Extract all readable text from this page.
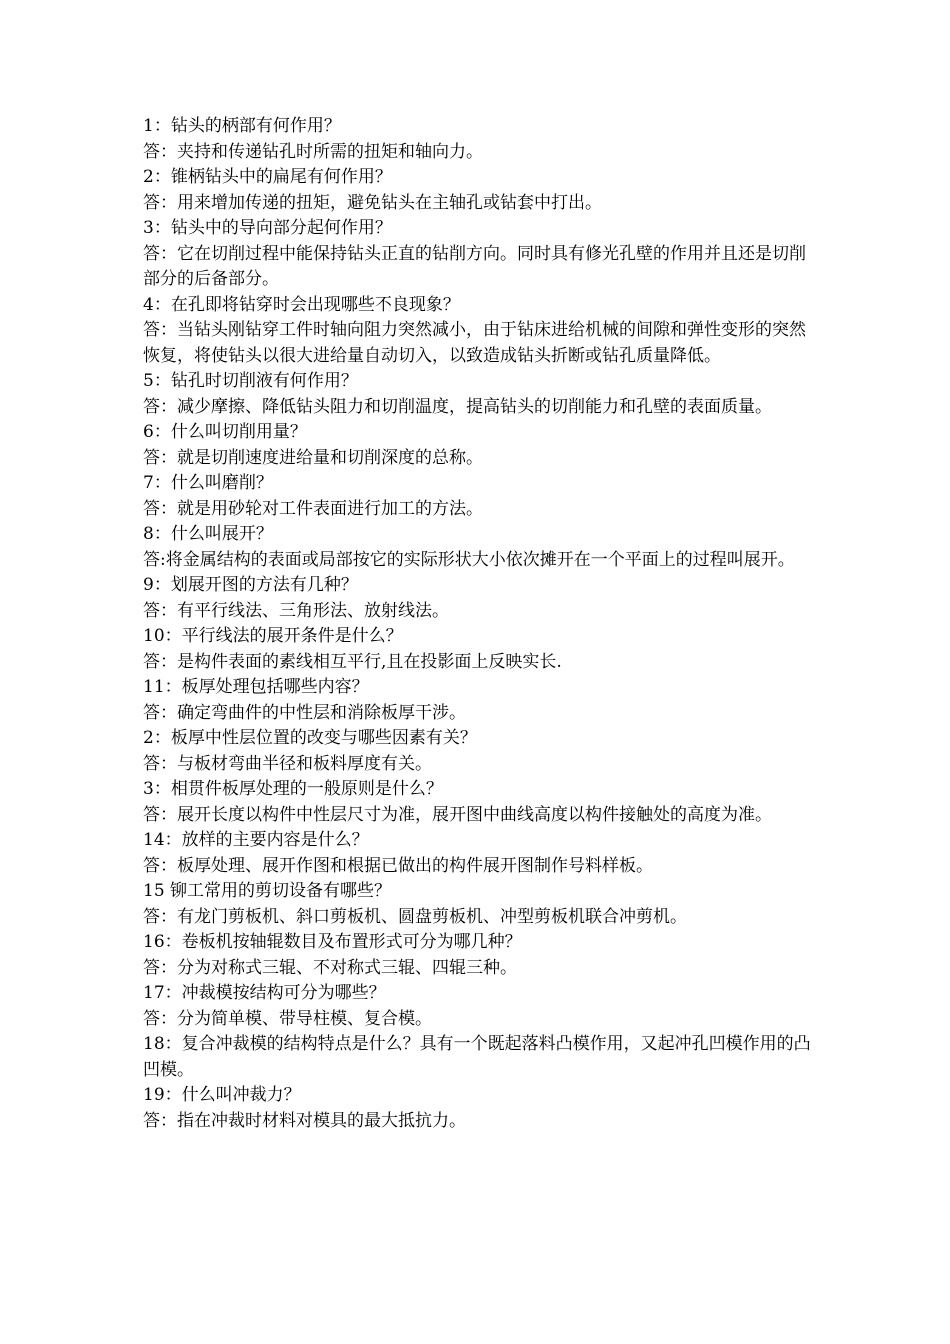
1：钻头的柄部有何作用？

答：夹持和传递钻孔时所需的扭矩和轴向力。

2：锥柄钻头中的扁尾有何作用？

答：用来增加传递的扭矩，避免钻头在主轴孔或钻套中打出。

3：钻头中的导向部分起何作用？

答：它在切削过程中能保持钻头正直的钻削方向。同时具有修光孔壁的作用并且还是切削部分的后备部分。

4：在孔即将钻穿时会出现哪些不良现象？

答：当钻头刚钻穿工件时轴向阻力突然减小，由于钻床进给机械的间隙和弹性变形的突然恢复，将使钻头以很大进给量自动切入，以致造成钻头折断或钻孔质量降低。

5：钻孔时切削液有何作用？

答：减少摩擦、降低钻头阻力和切削温度，提高钻头的切削能力和孔壁的表面质量。

6：什么叫切削用量？

答：就是切削速度进给量和切削深度的总称。

7：什么叫磨削？

答：就是用砂轮对工件表面进行加工的方法。

8：什么叫展开？

答:将金属结构的表面或局部按它的实际形状大小依次摊开在一个平面上的过程叫展开。

9：划展开图的方法有几种？

答：有平行线法、三角形法、放射线法。

10：平行线法的展开条件是什么？

答：是构件表面的素线相互平行,且在投影面上反映实长.

11：板厚处理包括哪些内容？

答：确定弯曲件的中性层和消除板厚干涉。

2：板厚中性层位置的改变与哪些因素有关？

答：与板材弯曲半径和板料厚度有关。

3：相贯件板厚处理的一般原则是什么？

答：展开长度以构件中性层尺寸为准，展开图中曲线高度以构件接触处的高度为准。

14：放样的主要内容是什么？

答：板厚处理、展开作图和根据已做出的构件展开图制作号料样板。

15 铆工常用的剪切设备有哪些？

答：有龙门剪板机、斜口剪板机、圆盘剪板机、冲型剪板机联合冲剪机。

16：卷板机按轴辊数目及布置形式可分为哪几种？

答：分为对称式三辊、不对称式三辊、四辊三种。

17：冲裁模按结构可分为哪些？

答：分为简单模、带导柱模、复合模。

18：复合冲裁模的结构特点是什么？具有一个既起落料凸模作用，又起冲孔凹模作用的凸凹模。

19：什么叫冲裁力？

答：指在冲裁时材料对模具的最大抵抗力。
